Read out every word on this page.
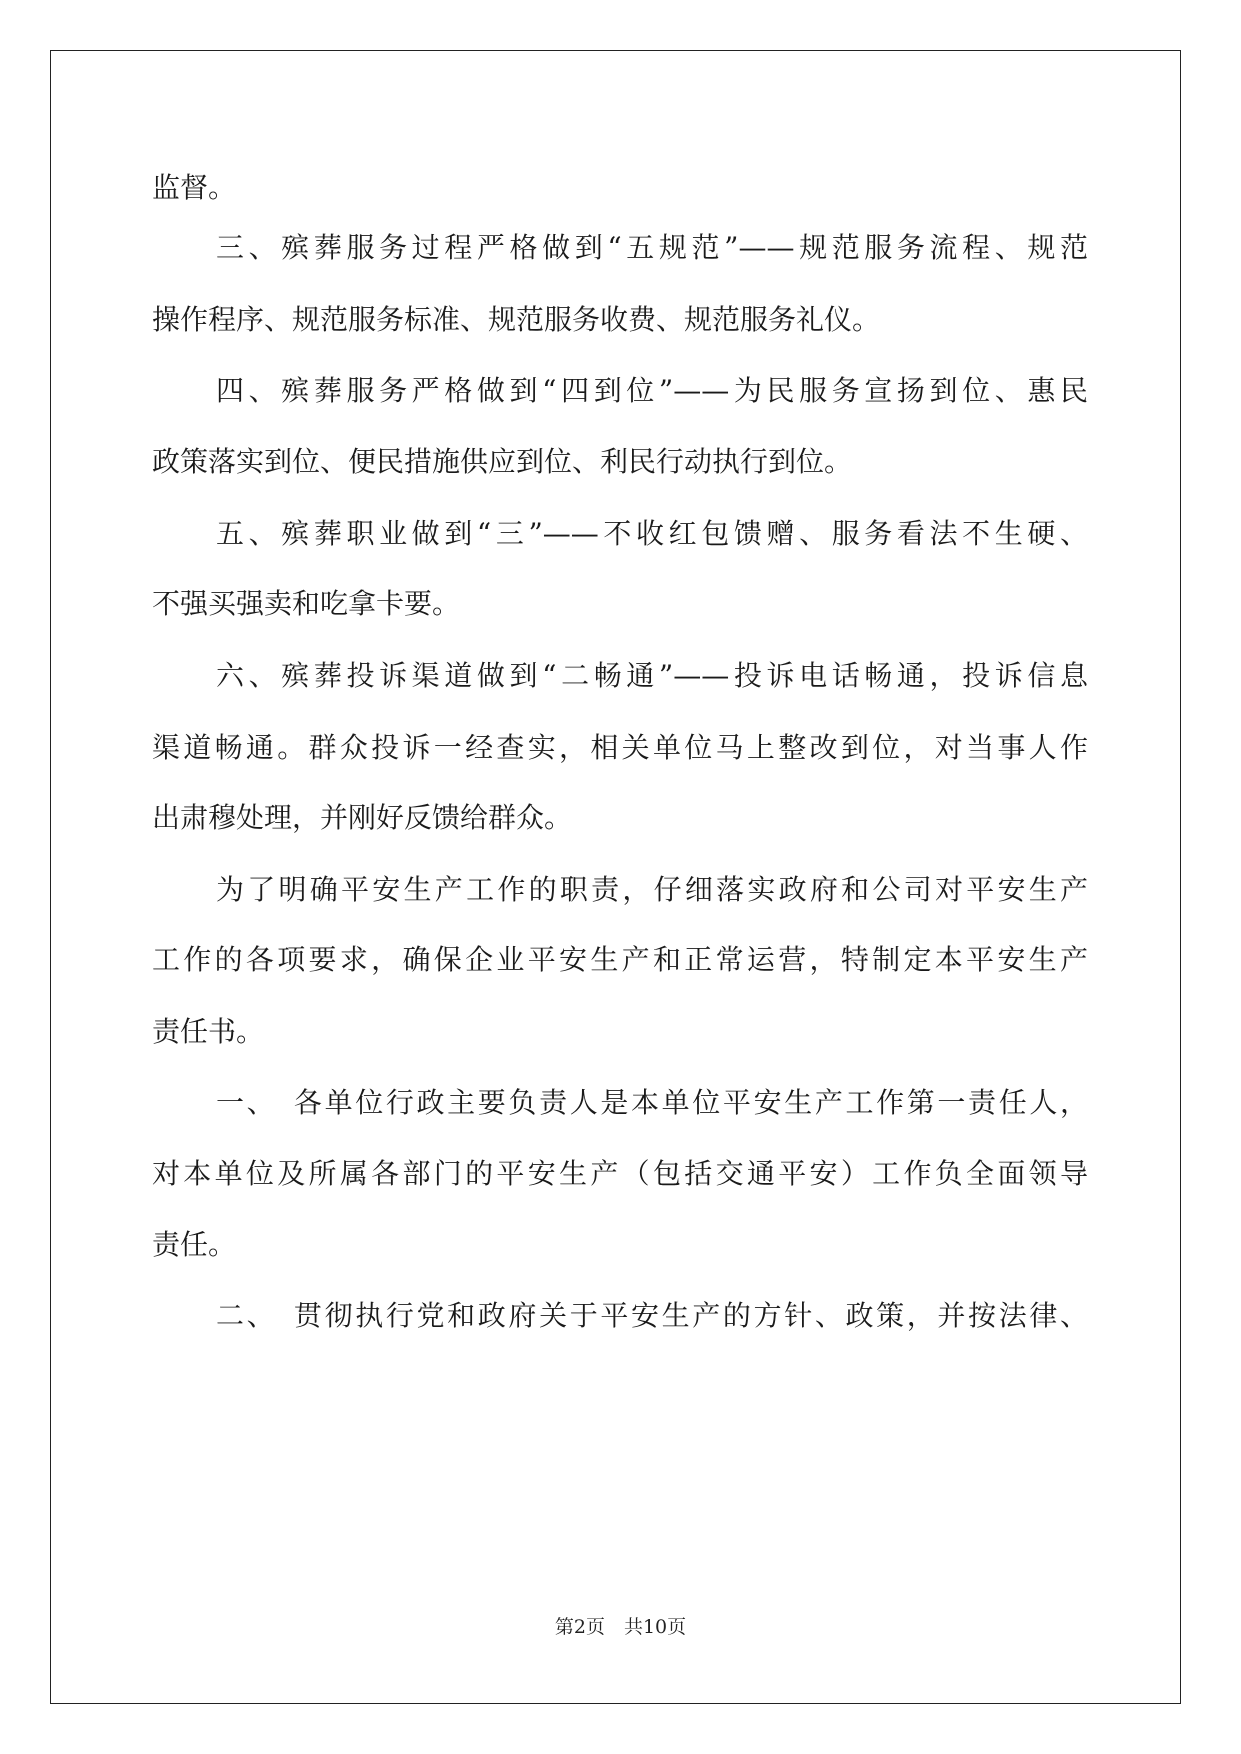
监督。
三、殡葬服务过程严格做到“五规范”——规范服务流程、规范
操作程序、规范服务标准、规范服务收费、规范服务礼仪。
四、殡葬服务严格做到“四到位”——为民服务宣扬到位、惠民
政策落实到位、便民措施供应到位、利民行动执行到位。
五、殡葬职业做到“三”——不收红包馈赠、服务看法不生硬、
不强买强卖和吃拿卡要。
六、殡葬投诉渠道做到“二畅通”——投诉电话畅通，投诉信息
渠道畅通。群众投诉一经查实，相关单位马上整改到位，对当事人作
出肃穆处理，并刚好反馈给群众。
为了明确平安生产工作的职责，仔细落实政府和公司对平安生产
工作的各项要求，确保企业平安生产和正常运营，特制定本平安生产
责任书。
一、　各单位行政主要负责人是本单位平安生产工作第一责任人，
对本单位及所属各部门的平安生产（包括交通平安）工作负全面领导
责任。
二、　贯彻执行党和政府关于平安生产的方针、政策，并按法律、
第2页　共10页
